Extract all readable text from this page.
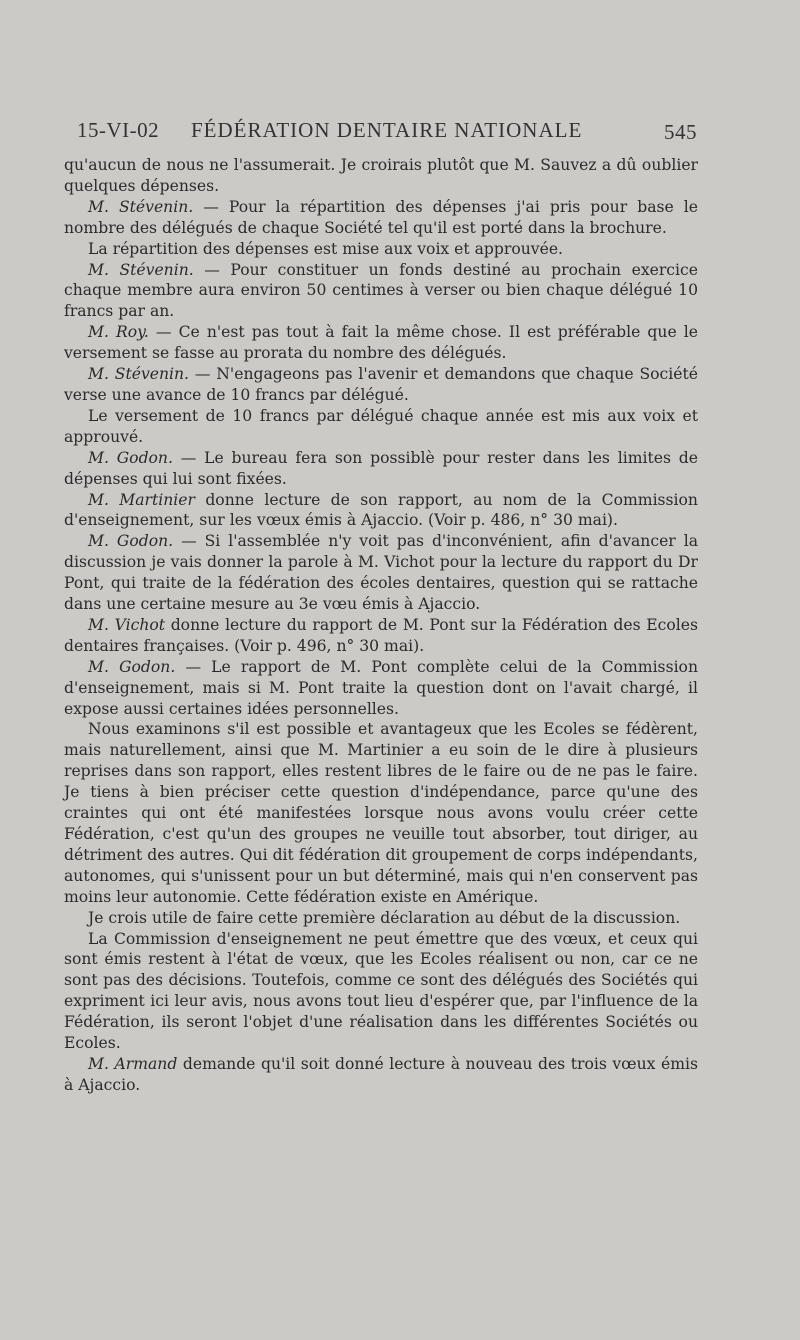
15-VI-02 FÉDÉRATION DENTAIRE NATIONALE	545

qu'aucun de nous ne l'assumerait. Je croirais plutôt que M. Sauvez a dû oublier quelques dépenses.

M. Stévenin. — Pour la répartition des dépenses j'ai pris pour base le nombre des délégués de chaque Société tel qu'il est porté dans la brochure.

La répartition des dépenses est mise aux voix et approuvée.

M. Stévenin. — Pour constituer un fonds destiné au prochain exercice chaque membre aura environ 50 centimes à verser ou bien chaque délégué 10 francs par an.

M. Roy. — Ce n'est pas tout à fait la même chose. Il est préférable que le versement se fasse au prorata du nombre des délégués.

M. Stévenin. — N'engageons pas l'avenir et demandons que chaque Société verse une avance de 10 francs par délégué.

Le versement de 10 francs par délégué chaque année est mis aux voix et approuvé.

M. Godon. — Le bureau fera son possiblè pour rester dans les limites de dépenses qui lui sont fixées.

M. Martinier donne lecture de son rapport, au nom de la Commission d'enseignement, sur les vœux émis à Ajaccio. (Voir p. 486, n° 30 mai).

M. Godon. — Si l'assemblée n'y voit pas d'inconvénient, afin d'avancer la discussion je vais donner la parole à M. Vichot pour la lecture du rapport du Dr Pont, qui traite de la fédération des écoles dentaires, question qui se rattache dans une certaine mesure au 3e vœu émis à Ajaccio.

M. Vichot donne lecture du rapport de M. Pont sur la Fédération des Ecoles dentaires françaises. (Voir p. 496, n° 30 mai).

M. Godon. — Le rapport de M. Pont complète celui de la Commission d'enseignement, mais si M. Pont traite la question dont on l'avait chargé, il expose aussi certaines idées personnelles.

Nous examinons s'il est possible et avantageux que les Ecoles se fédèrent, mais naturellement, ainsi que M. Martinier a eu soin de le dire à plusieurs reprises dans son rapport, elles restent libres de le faire ou de ne pas le faire. Je tiens à bien préciser cette question d'indépendance, parce qu'une des craintes qui ont été manifestées lorsque nous avons voulu créer cette Fédération, c'est qu'un des groupes ne veuille tout absorber, tout diriger, au détriment des autres. Qui dit fédération dit groupement de corps indépendants, autonomes, qui s'unissent pour un but déterminé, mais qui n'en conservent pas moins leur autonomie. Cette fédération existe en Amérique.

Je crois utile de faire cette première déclaration au début de la discussion.

La Commission d'enseignement ne peut émettre que des vœux, et ceux qui sont émis restent à l'état de vœux, que les Ecoles réalisent ou non, car ce ne sont pas des décisions. Toutefois, comme ce sont des délégués des Sociétés qui expriment ici leur avis, nous avons tout lieu d'espérer que, par l'influence de la Fédération, ils seront l'objet d'une réalisation dans les différentes Sociétés ou Ecoles.

M. Armand demande qu'il soit donné lecture à nouveau des trois vœux émis à Ajaccio.
